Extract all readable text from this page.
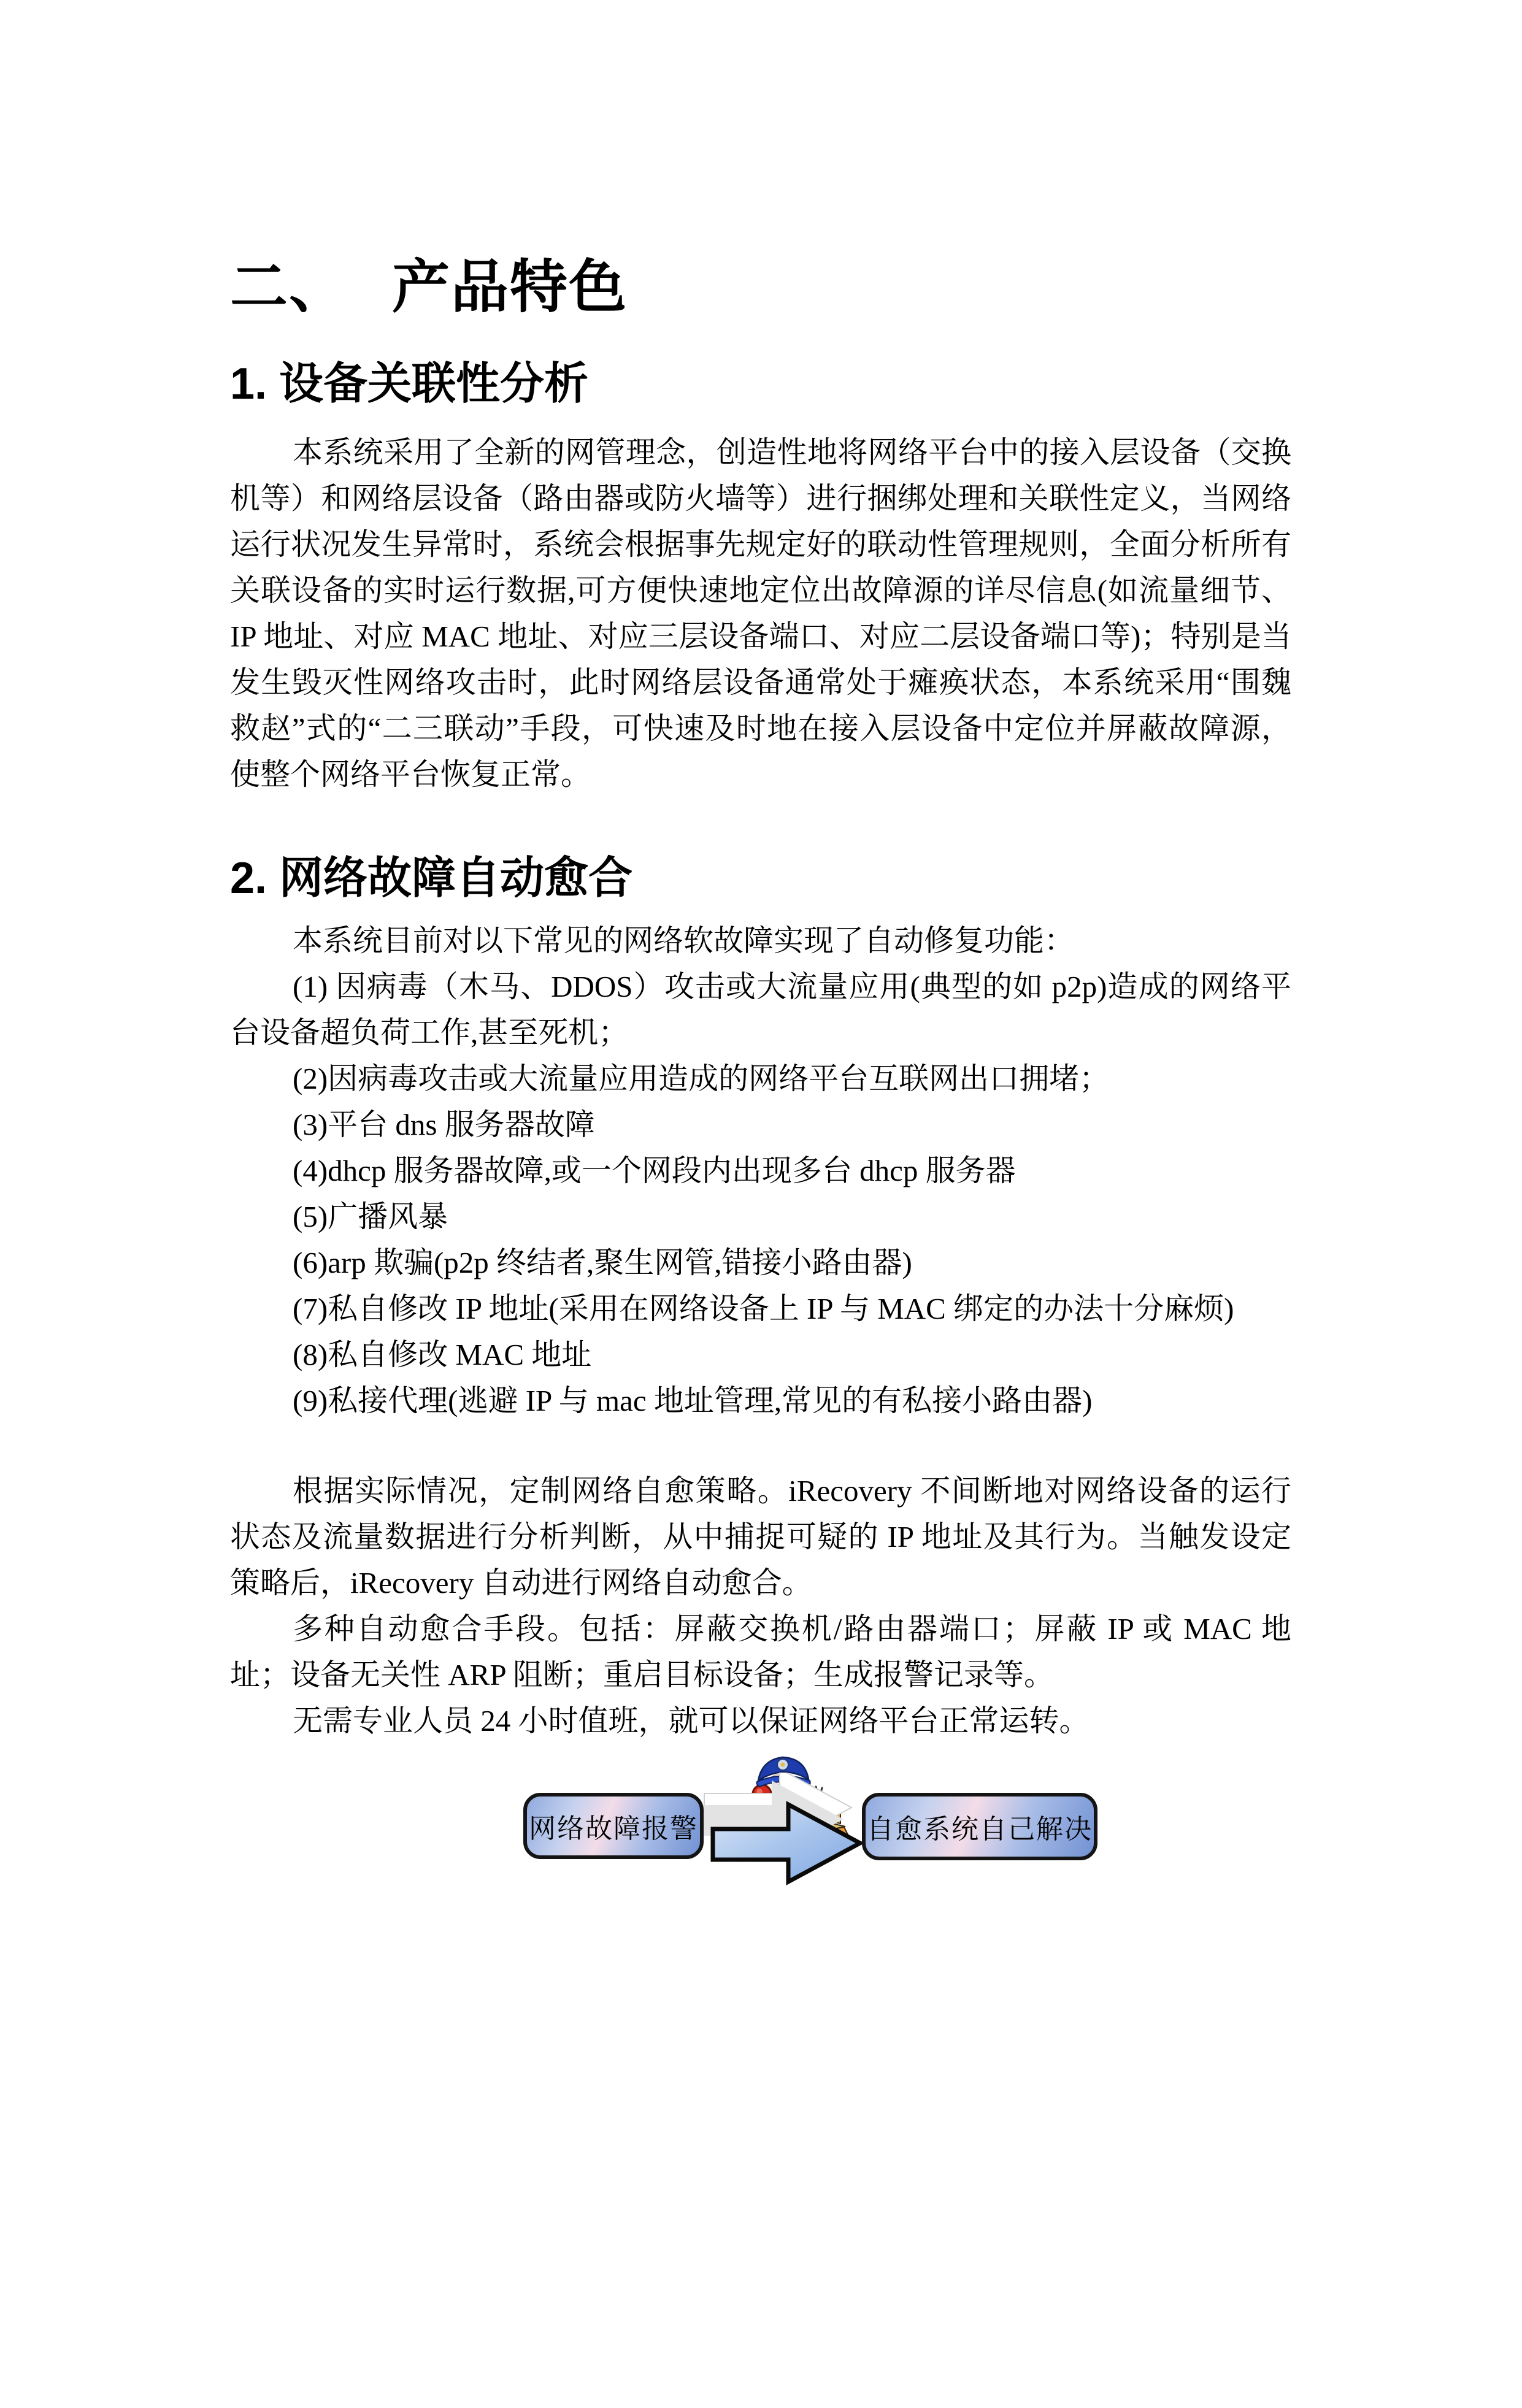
二、 产品特色
1. 设备关联性分析

本系统采用了全新的网管理念，创造性地将网络平台中的接入层设备（交换机等）和网络层设备（路由器或防火墙等）进行捆绑处理和关联性定义，当网络运行状况发生异常时，系统会根据事先规定好的联动性管理规则，全面分析所有关联设备的实时运行数据,可方便快速地定位出故障源的详尽信息(如流量细节、IP 地址、对应 MAC 地址、对应三层设备端口、对应二层设备端口等)；特别是当发生毁灭性网络攻击时，此时网络层设备通常处于瘫痪状态，本系统采用“围魏救赵”式的“二三联动”手段，可快速及时地在接入层设备中定位并屏蔽故障源，使整个网络平台恢复正常。

2. 网络故障自动愈合

本系统目前对以下常见的网络软故障实现了自动修复功能：

(1) 因病毒（木马、DDOS）攻击或大流量应用(典型的如 p2p)造成的网络平台设备超负荷工作,甚至死机；

(2)因病毒攻击或大流量应用造成的网络平台互联网出口拥堵；

(3)平台 dns 服务器故障

(4)dhcp 服务器故障,或一个网段内出现多台 dhcp 服务器

(5)广播风暴

(6)arp 欺骗(p2p 终结者,聚生网管,错接小路由器)

(7)私自修改 IP 地址(采用在网络设备上 IP 与 MAC 绑定的办法十分麻烦)

(8)私自修改 MAC 地址

(9)私接代理(逃避 IP 与 mac 地址管理,常见的有私接小路由器)

根据实际情况，定制网络自愈策略。iRecovery 不间断地对网络设备的运行状态及流量数据进行分析判断，从中捕捉可疑的 IP 地址及其行为。当触发设定策略后，iRecovery 自动进行网络自动愈合。

多种自动愈合手段。包括：屏蔽交换机/路由器端口；屏蔽 IP 或 MAC 地址；设备无关性 ARP 阻断；重启目标设备；生成报警记录等。

无需专业人员 24 小时值班，就可以保证网络平台正常运转。

网络故障报警	自愈系统自己解决
